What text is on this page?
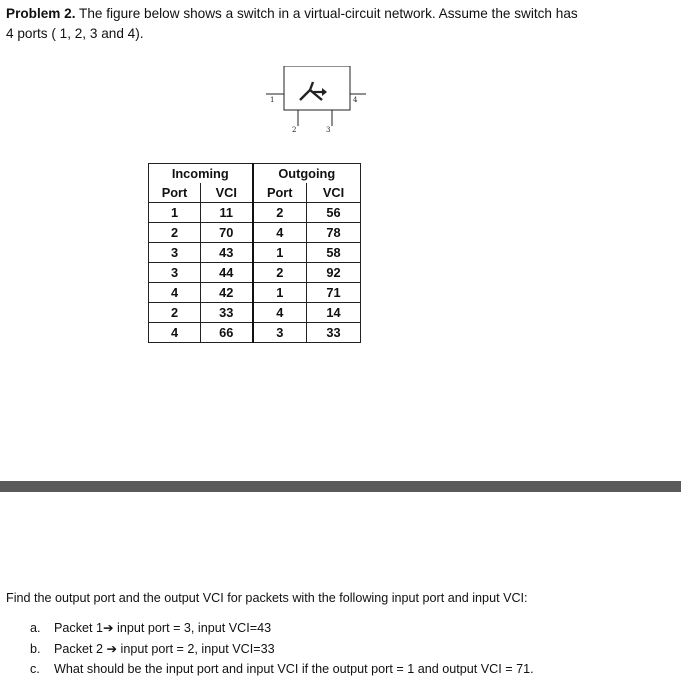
Problem 2. The figure below shows a switch in a virtual-circuit network. Assume the switch has
4 ports ( 1, 2, 3 and 4).
1	4
2	3
Incoming		Outgoing	
Port	VCI	Port	VCI
1	11	2	56
2	70	4	78
3	43	1	58
3	44	2	92
4	42	1	71
2	33	4	14
4	66	3	33
Find the output port and the output VCI for packets with the following input port and input VCI:
a. Packet 1➔ input port = 3, input VCI=43
b. Packet 2 ➔ input port = 2, input VCI=33
c. What should be the input port and input VCI if the output port = 1 and output VCI = 71.
